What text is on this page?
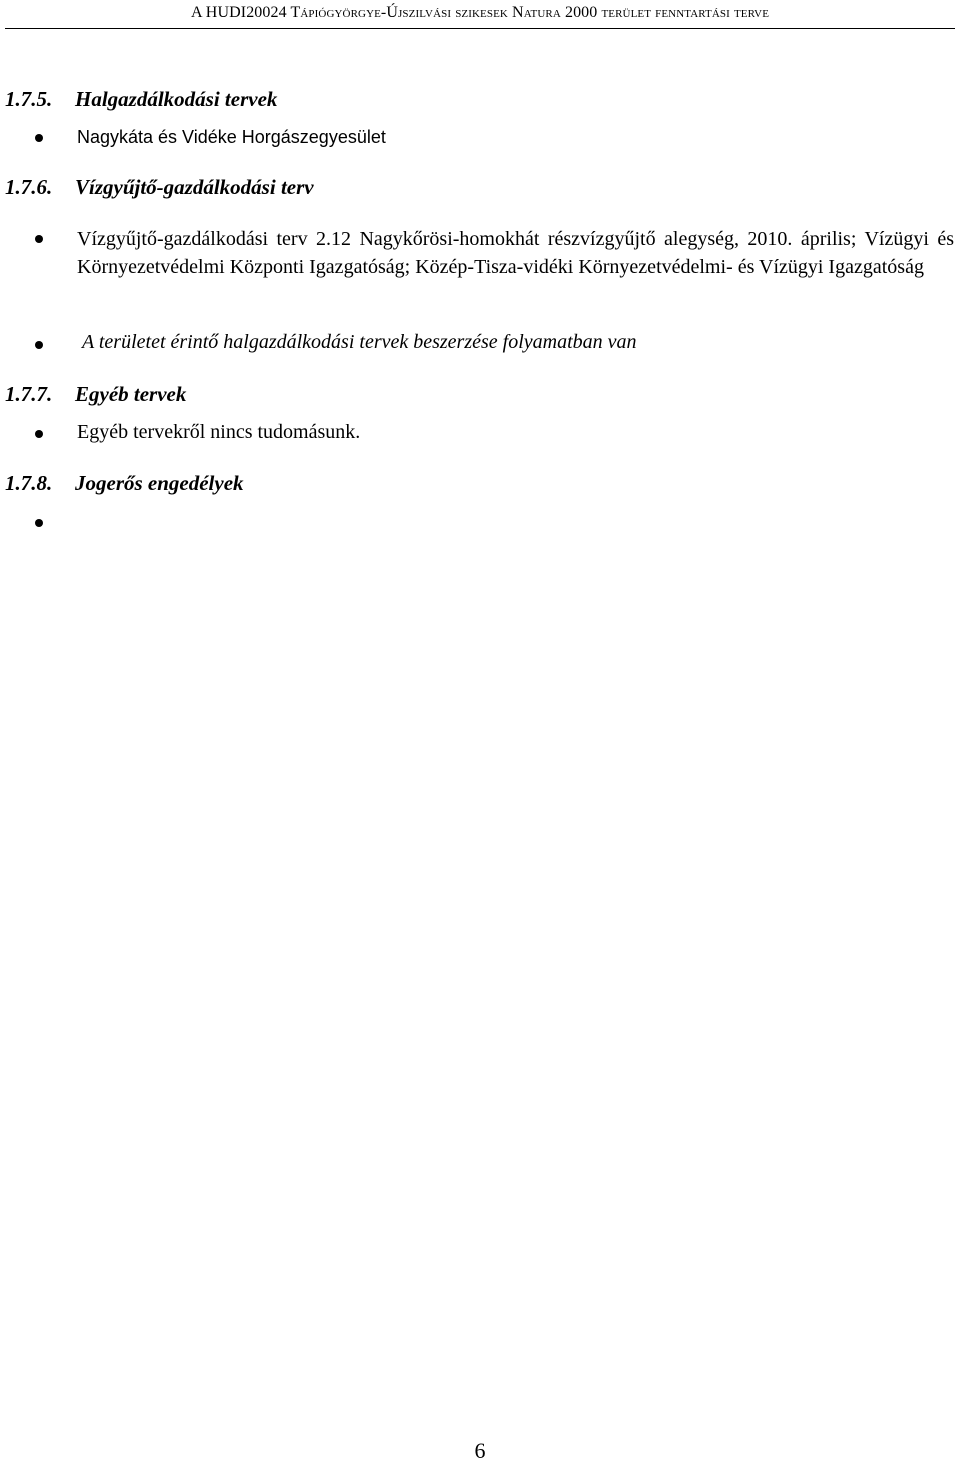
A HUDI20024 Tápiógyörgye-Újszilvási szikesek Natura 2000 terület fenntartási terve
1.7.5. Halgazdálkodási tervek
Nagykáta és Vidéke Horgászegyesület
1.7.6. Vízgyűjtő-gazdálkodási terv
Vízgyűjtő-gazdálkodási terv 2.12 Nagykőrösi-homokhát részvízgyűjtő alegység, 2010. április; Vízügyi és Környezetvédelmi Központi Igazgatóság; Közép-Tisza-vidéki Környezetvédelmi- és Vízügyi Igazgatóság
A területet érintő halgazdálkodási tervek beszerzése folyamatban van
1.7.7. Egyéb tervek
Egyéb tervekről nincs tudomásunk.
1.7.8. Jogerős engedélyek
6
